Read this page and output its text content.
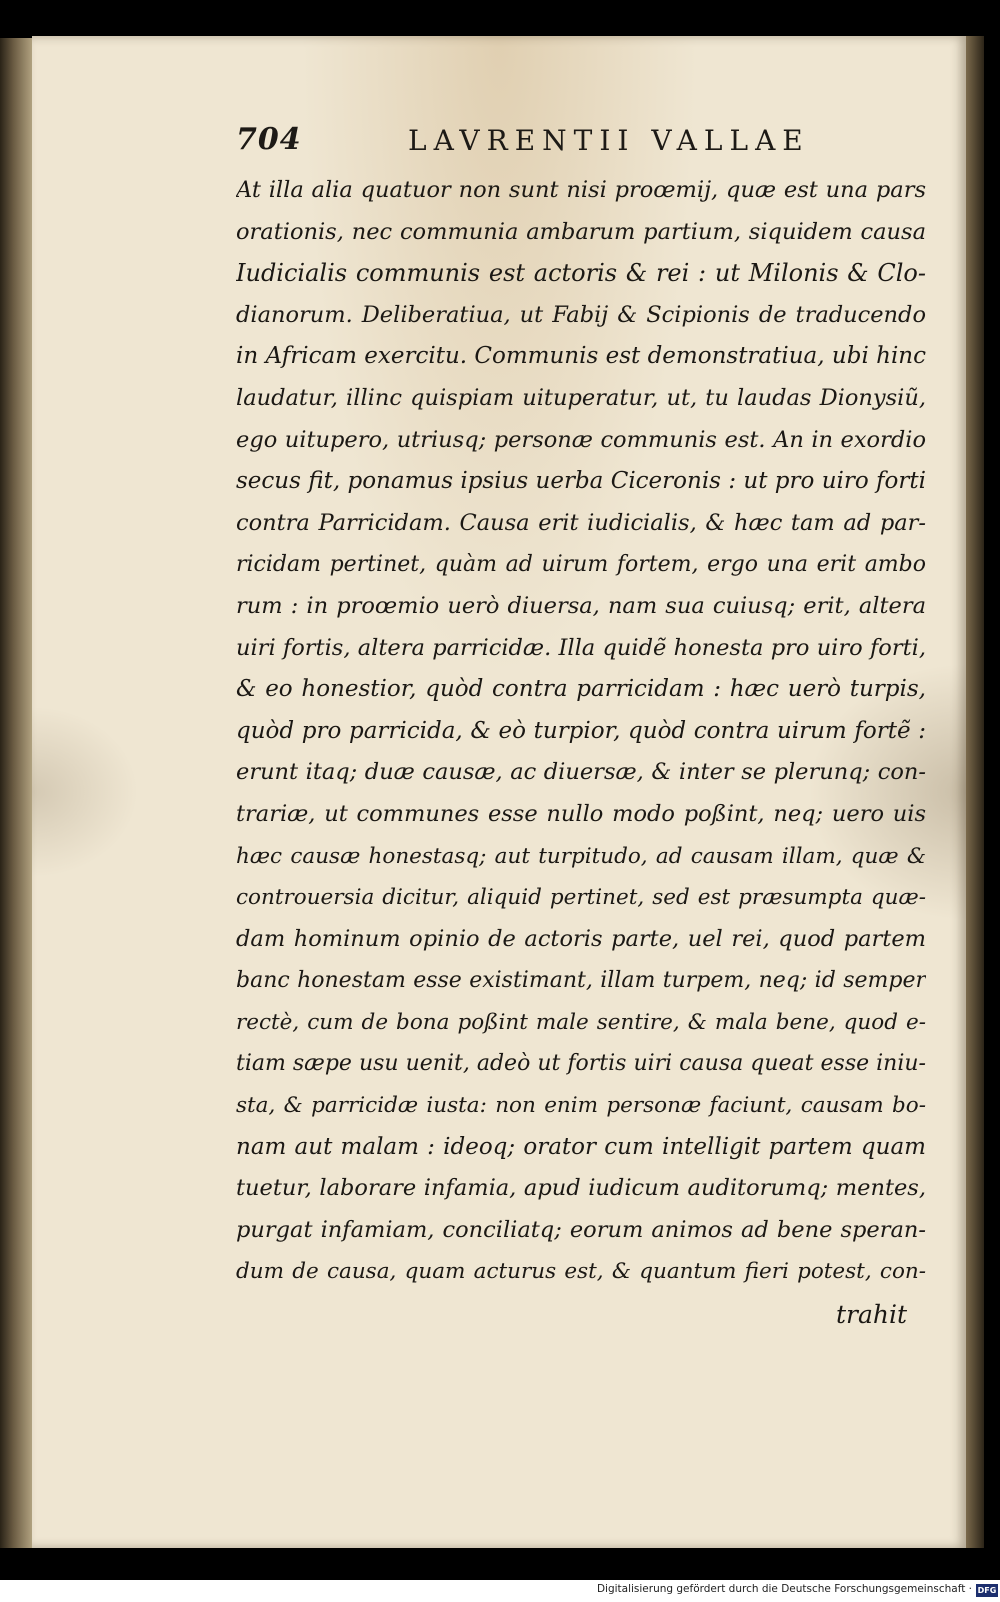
704	LAVRENTII VALLAE
At illa alia quatuor non sunt nisi proœmij, quæ est una pars
orationis, nec communia ambarum partium, siquidem causa
Iudicialis communis est actoris & rei : ut Milonis & Clo-
dianorum. Deliberatiua, ut Fabij & Scipionis de traducendo
in Africam exercitu. Communis est demonstratiua, ubi hinc
laudatur, illinc quispiam uituperatur, ut, tu laudas Dionysiũ,
ego uitupero, utriusq; personæ communis est. An in exordio
secus fit, ponamus ipsius uerba Ciceronis : ut pro uiro forti
contra Parricidam. Causa erit iudicialis, & hæc tam ad par-
ricidam pertinet, quàm ad uirum fortem, ergo una erit ambo
rum : in proœmio uerò diuersa, nam sua cuiusq; erit, altera
uiri fortis, altera parricidæ. Illa quidẽ honesta pro uiro forti,
& eo honestior, quòd contra parricidam : hæc uerò turpis,
quòd pro parricida, & eò turpior, quòd contra uirum fortẽ :
erunt itaq; duæ causæ, ac diuersæ, & inter se plerunq; con-
trariæ, ut communes esse nullo modo poßint, neq; uero uis
hæc causæ honestasq; aut turpitudo, ad causam illam, quæ &
controuersia dicitur, aliquid pertinet, sed est præsumpta quæ-
dam hominum opinio de actoris parte, uel rei, quod partem
banc honestam esse existimant, illam turpem, neq; id semper
rectè, cum de bona poßint male sentire, & mala bene, quod e-
tiam sæpe usu uenit, adeò ut fortis uiri causa queat esse iniu-
sta, & parricidæ iusta: non enim personæ faciunt, causam bo-
nam aut malam : ideoq; orator cum intelligit partem quam
tuetur, laborare infamia, apud iudicum auditorumq; mentes,
purgat infamiam, conciliatq; eorum animos ad bene speran-
dum de causa, quam acturus est, & quantum fieri potest, con-
trahit
Digitalisierung gefördert durch die Deutsche Forschungsgemeinschaft · DFG
